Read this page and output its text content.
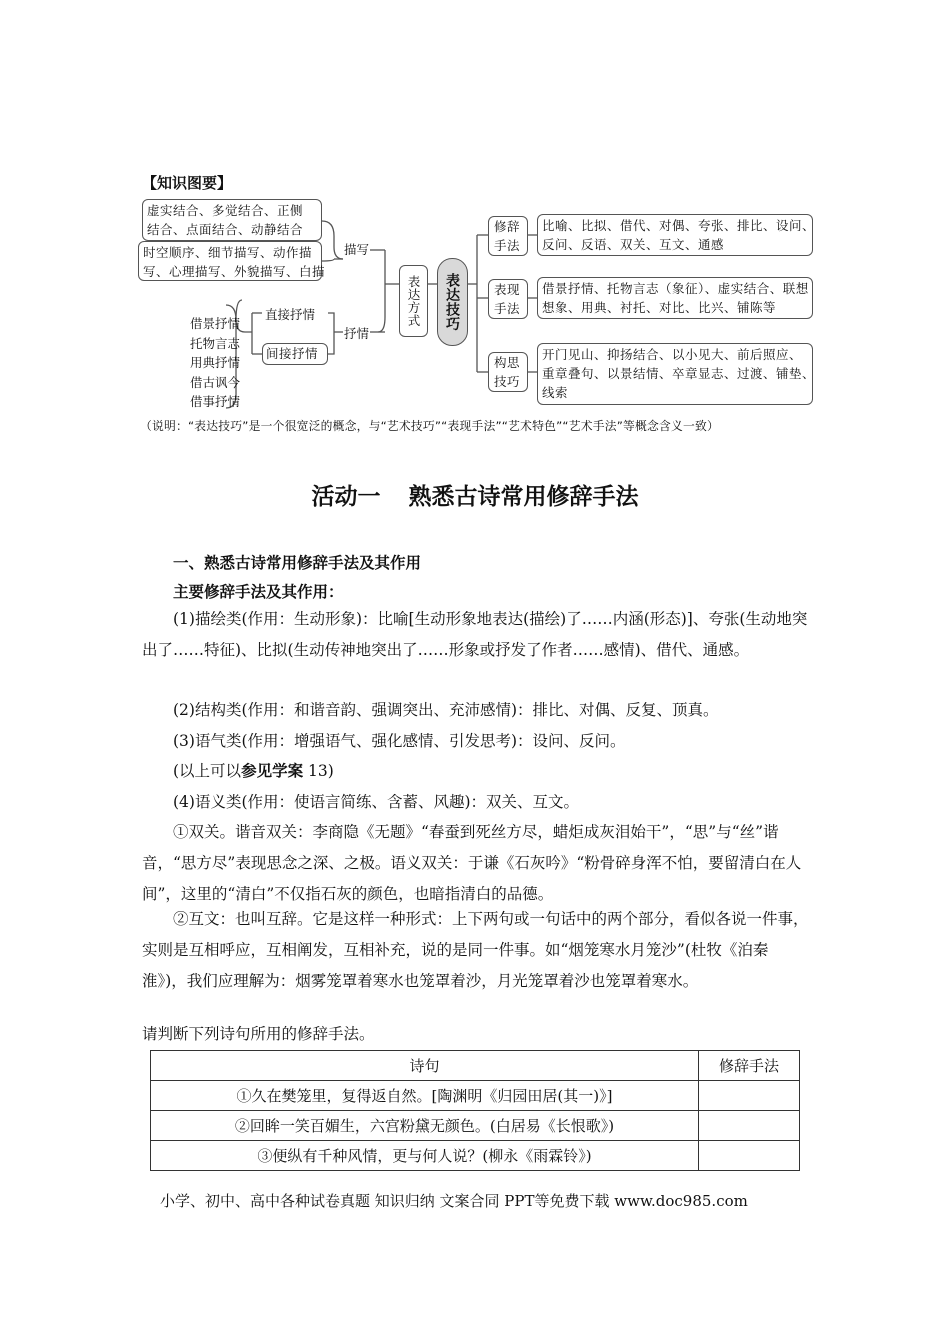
【知识图要】
虚实结合、多觉结合、正侧
结合、点面结合、动静结合
时空顺序、细节描写、动作描
写、心理描写、外貌描写、白描
描写
借景抒情
托物言志
用典抒情
借古讽今
借事抒情
直接抒情
间接抒情
抒情
表达方式	表达技巧
修辞手法
表现手法
构思技巧
比喻、比拟、借代、对偶、夸张、排比、设问、
反问、反语、双关、互文、通感
借景抒情、托物言志（象征）、虚实结合、联想
想象、用典、衬托、对比、比兴、铺陈等
开门见山、抑扬结合、以小见大、前后照应、
重章叠句、以景结情、卒章显志、过渡、铺垫、
线索
（说明：“表达技巧”是一个很宽泛的概念，与“艺术技巧”“表现手法”“艺术特色”“艺术手法”等概念含义一致）
活动一 熟悉古诗常用修辞手法
一、熟悉古诗常用修辞手法及其作用
主要修辞手法及其作用：
(1)描绘类(作用：生动形象)：比喻[生动形象地表达(描绘)了……内涵(形态)]、夸张(生动地突出了……特征)、比拟(生动传神地突出了……形象或抒发了作者……感情)、借代、通感。
(2)结构类(作用：和谐音韵、强调突出、充沛感情)：排比、对偶、反复、顶真。
(3)语气类(作用：增强语气、强化感情、引发思考)：设问、反问。
(以上可以参见学案 13)
(4)语义类(作用：使语言简练、含蓄、风趣)：双关、互文。
①双关。谐音双关：李商隐《无题》“春蚕到死丝方尽，蜡炬成灰泪始干”，“思”与“丝”谐音，“思方尽”表现思念之深、之极。语义双关：于谦《石灰吟》“粉骨碎身浑不怕，要留清白在人间”，这里的“清白”不仅指石灰的颜色，也暗指清白的品德。
②互文：也叫互辞。它是这样一种形式：上下两句或一句话中的两个部分，看似各说一件事，实则是互相呼应，互相阐发，互相补充，说的是同一件事。如“烟笼寒水月笼沙”(杜牧《泊秦淮》)，我们应理解为：烟雾笼罩着寒水也笼罩着沙，月光笼罩着沙也笼罩着寒水。
请判断下列诗句所用的修辞手法。
诗句	修辞手法
①久在樊笼里，复得返自然。[陶渊明《归园田居(其一)》]	
②回眸一笑百媚生，六宫粉黛无颜色。(白居易《长恨歌》)	
③便纵有千种风情，更与何人说？(柳永《雨霖铃》)	
小学、初中、高中各种试卷真题 知识归纳 文案合同 PPT等免费下载 www.doc985.com
